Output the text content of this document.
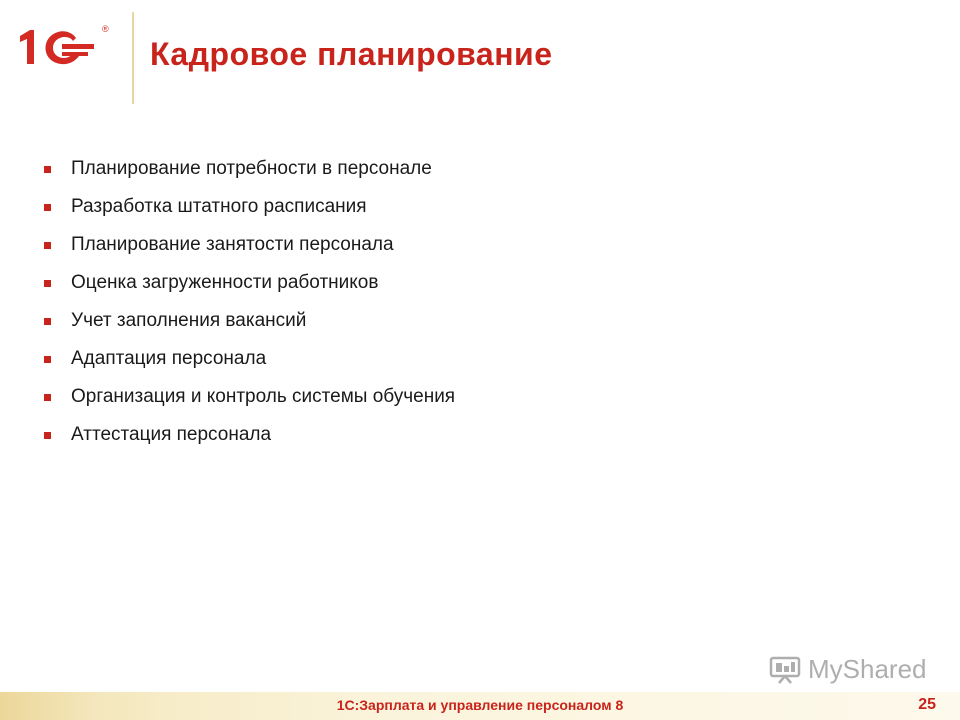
®
Кадровое планирование
Планирование потребности в персонале
Разработка штатного расписания
Планирование занятости персонала
Оценка загруженности работников
Учет заполнения вакансий
Адаптация персонала
Организация и контроль системы обучения
Аттестация персонала
MyShared
1С:Зарплата и управление персоналом 8	25
